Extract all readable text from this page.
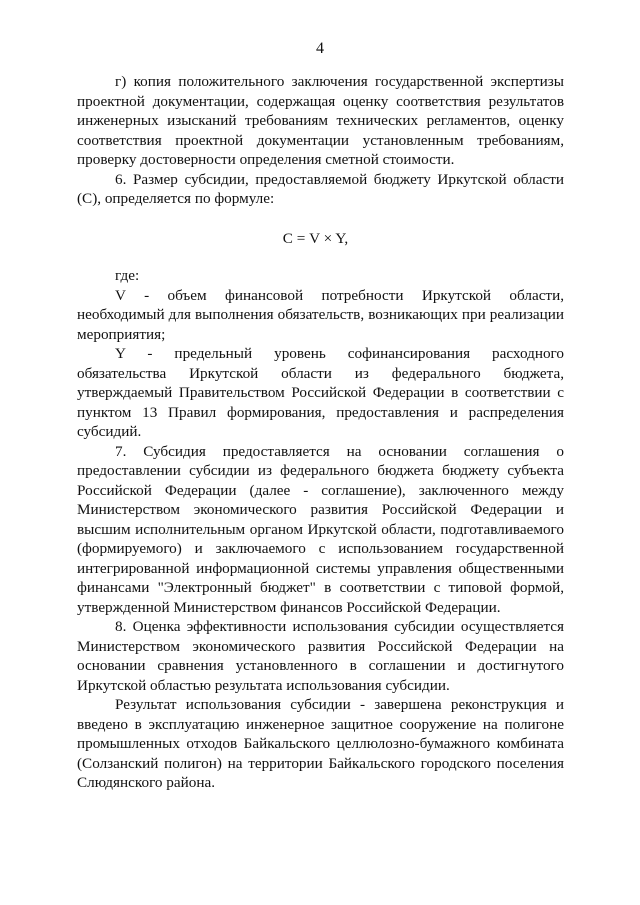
4

г) копия положительного заключения государственной экспертизы проектной документации, содержащая оценку соответствия результатов инженерных изысканий требованиям технических регламентов, оценку соответствия проектной документации установленным требованиям, проверку достоверности определения сметной стоимости.

6. Размер субсидии, предоставляемой бюджету Иркутской области (С), определяется по формуле:

С = V × Y,

где:

V - объем финансовой потребности Иркутской области, необходимый для выполнения обязательств, возникающих при реализации мероприятия;

Y - предельный уровень софинансирования расходного обязательства Иркутской области из федерального бюджета, утверждаемый Правительством Российской Федерации в соответствии с пунктом 13 Правил формирования, предоставления и распределения субсидий.

7. Субсидия предоставляется на основании соглашения о предоставлении субсидии из федерального бюджета бюджету субъекта Российской Федерации (далее - соглашение), заключенного между Министерством экономического развития Российской Федерации и высшим исполнительным органом Иркутской области, подготавливаемого (формируемого) и заключаемого с использованием государственной интегрированной информационной системы управления общественными финансами "Электронный бюджет" в соответствии с типовой формой, утвержденной Министерством финансов Российской Федерации.

8. Оценка эффективности использования субсидии осуществляется Министерством экономического развития Российской Федерации на основании сравнения установленного в соглашении и достигнутого Иркутской областью результата использования субсидии.

Результат использования субсидии - завершена реконструкция и введено в эксплуатацию инженерное защитное сооружение на полигоне промышленных отходов Байкальского целлюлозно-бумажного комбината (Солзанский полигон) на территории Байкальского городского поселения Слюдянского района.
